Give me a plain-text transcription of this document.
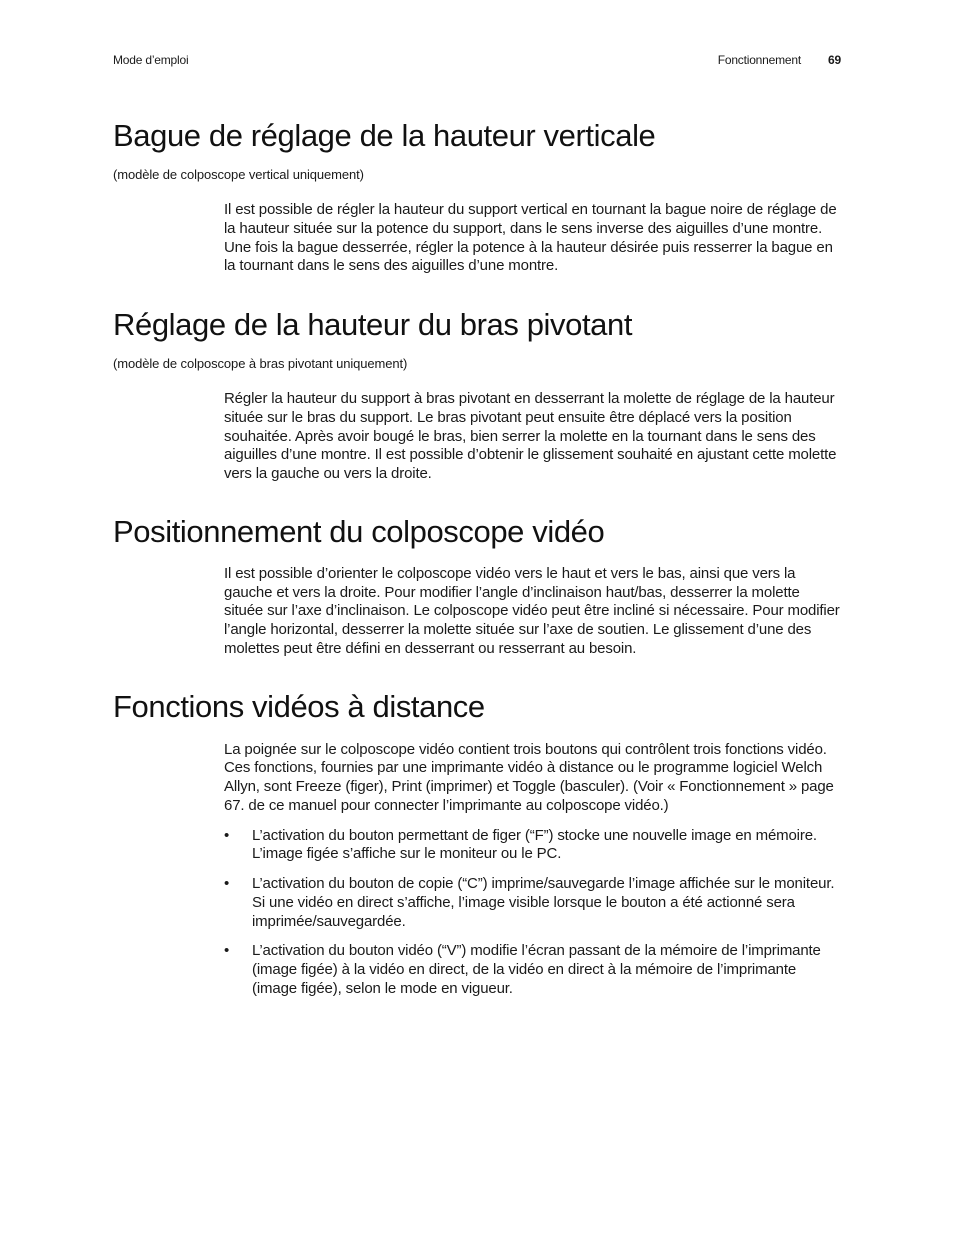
Mode d’emploi	Fonctionnement 69
Bague de réglage de la hauteur verticale

(modèle de colposcope vertical uniquement)

Il est possible de régler la hauteur du support vertical en tournant la bague noire de réglage de la hauteur située sur la potence du support, dans le sens inverse des aiguilles d’une montre. Une fois la bague desserrée, régler la potence à la hauteur désirée puis resserrer la bague en la tournant dans le sens des aiguilles d’une montre.

Réglage de la hauteur du bras pivotant

(modèle de colposcope à bras pivotant uniquement)

Régler la hauteur du support à bras pivotant en desserrant la molette de réglage de la hauteur située sur le bras du support. Le bras pivotant peut ensuite être déplacé vers la position souhaitée. Après avoir bougé le bras, bien serrer la molette en la tournant dans le sens des aiguilles d’une montre. Il est possible d’obtenir le glissement souhaité en ajustant cette molette vers la gauche ou vers la droite.

Positionnement du colposcope vidéo

Il est possible d’orienter le colposcope vidéo vers le haut et vers le bas, ainsi que vers la gauche et vers la droite. Pour modifier l’angle d’inclinaison haut/bas, desserrer la molette située sur l’axe d’inclinaison. Le colposcope vidéo peut être incliné si nécessaire. Pour modifier l’angle horizontal, desserrer la molette située sur l’axe de soutien. Le glissement d’une des molettes peut être défini en desserrant ou resserrant au besoin.

Fonctions vidéos à distance

La poignée sur le colposcope vidéo contient trois boutons qui contrôlent trois fonctions vidéo. Ces fonctions, fournies par une imprimante vidéo à distance ou le programme logiciel Welch Allyn, sont Freeze (figer), Print (imprimer) et Toggle (basculer). (Voir « Fonctionnement » page 67. de ce manuel pour connecter l’imprimante au colposcope vidéo.)

• L’activation du bouton permettant de figer (“F”) stocke une nouvelle image en mémoire. L’image figée s’affiche sur le moniteur ou le PC.
• L’activation du bouton de copie (“C”) imprime/sauvegarde l’image affichée sur le moniteur. Si une vidéo en direct s’affiche, l’image visible lorsque le bouton a été actionné sera imprimée/sauvegardée.
• L’activation du bouton vidéo (“V”) modifie l’écran passant de la mémoire de l’imprimante (image figée) à la vidéo en direct, de la vidéo en direct à la mémoire de l’imprimante (image figée), selon le mode en vigueur.
